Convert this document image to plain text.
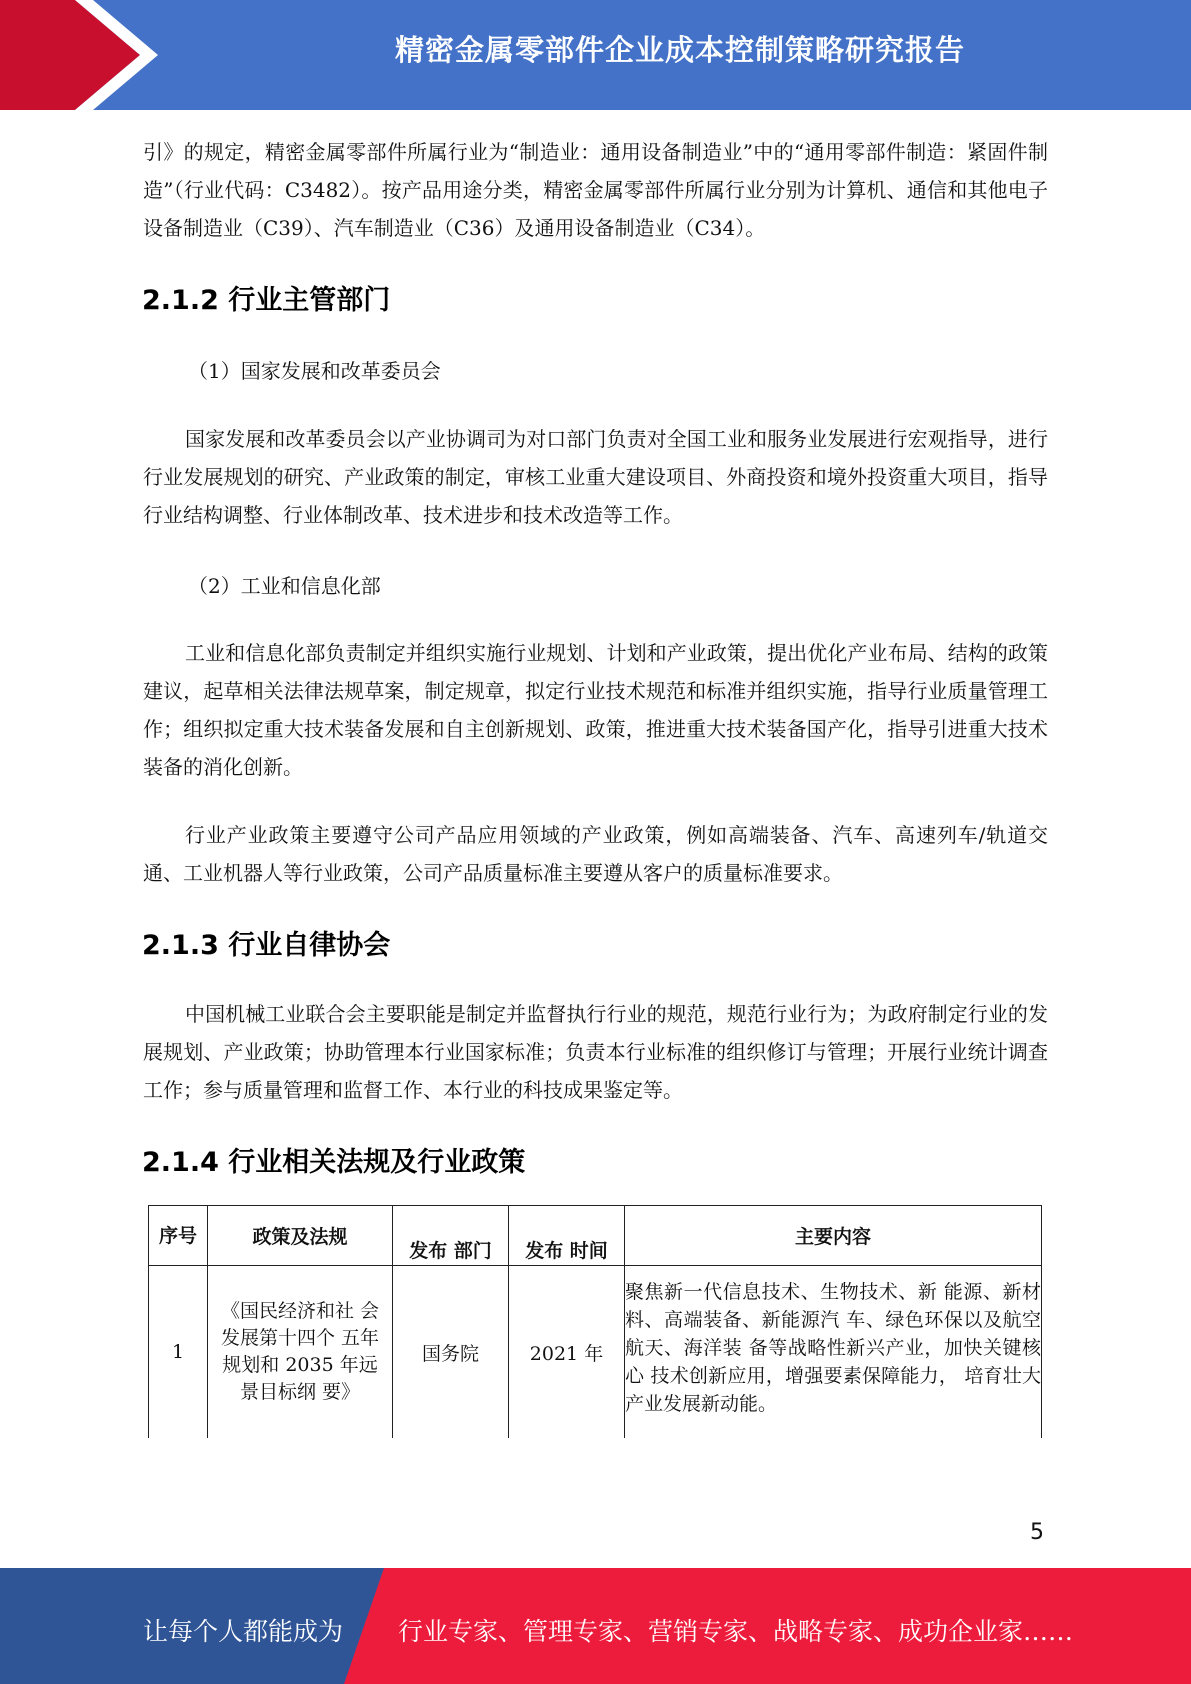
精密金属零部件企业成本控制策略研究报告
引》的规定，精密金属零部件所属行业为“制造业：通用设备制造业”中的“通用零部件制造：紧固件制造”（行业代码：C3482）。按产品用途分类，精密金属零部件所属行业分别为计算机、通信和其他电子设备制造业（C39）、汽车制造业（C36）及通用设备制造业（C34）。
2.1.2 行业主管部门
（1）国家发展和改革委员会
国家发展和改革委员会以产业协调司为对口部门负责对全国工业和服务业发展进行宏观指导，进行行业发展规划的研究、产业政策的制定，审核工业重大建设项目、外商投资和境外投资重大项目，指导行业结构调整、行业体制改革、技术进步和技术改造等工作。
（2）工业和信息化部
工业和信息化部负责制定并组织实施行业规划、计划和产业政策，提出优化产业布局、结构的政策建议，起草相关法律法规草案，制定规章，拟定行业技术规范和标准并组织实施，指导行业质量管理工作；组织拟定重大技术装备发展和自主创新规划、政策，推进重大技术装备国产化，指导引进重大技术装备的消化创新。
行业产业政策主要遵守公司产品应用领域的产业政策，例如高端装备、汽车、高速列车/轨道交通、工业机器人等行业政策，公司产品质量标准主要遵从客户的质量标准要求。
2.1.3 行业自律协会
中国机械工业联合会主要职能是制定并监督执行行业的规范，规范行业行为；为政府制定行业的发展规划、产业政策；协助管理本行业国家标准；负责本行业标准的组织修订与管理；开展行业统计调查工作；参与质量管理和监督工作、本行业的科技成果鉴定等。
2.1.4 行业相关法规及行业政策
序号	政策及法规	发布 部门	发布 时间	主要内容
1	《国民经济和社 会发展第十四个 五年规划和 2035 年远景目标纲 要》	国务院	2021 年	聚焦新一代信息技术、生物技术、新 能源、新材料、高端装备、新能源汽 车、绿色环保以及航空航天、海洋装 备等战略性新兴产业，加快关键核心 技术创新应用，增强要素保障能力， 培育壮大产业发展新动能。
5
让每个人都能成为 行业专家、管理专家、营销专家、战略专家、成功企业家……
